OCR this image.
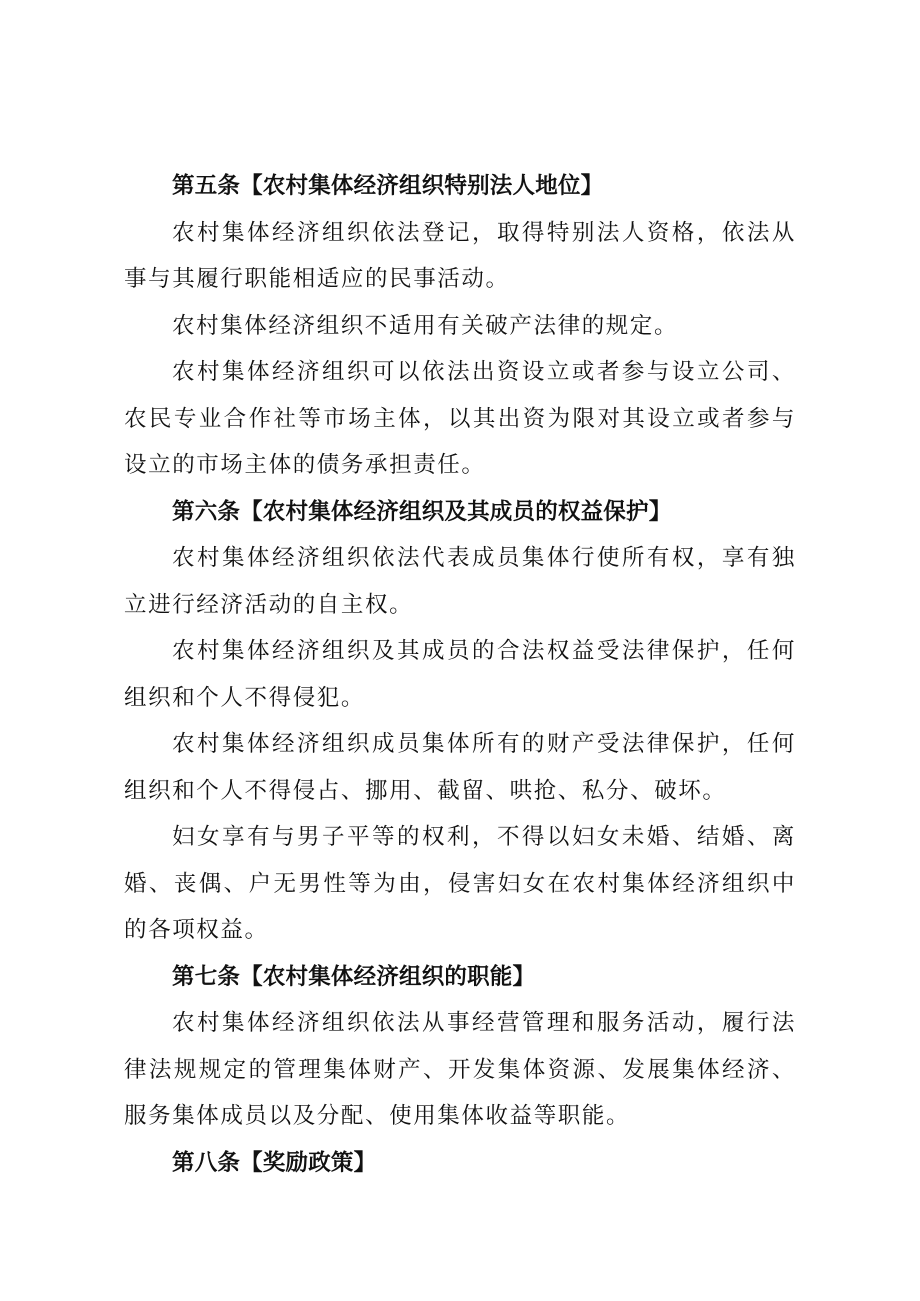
第五条【农村集体经济组织特别法人地位】

农村集体经济组织依法登记，取得特别法人资格，依法从事与其履行职能相适应的民事活动。

农村集体经济组织不适用有关破产法律的规定。

农村集体经济组织可以依法出资设立或者参与设立公司、农民专业合作社等市场主体，以其出资为限对其设立或者参与设立的市场主体的债务承担责任。

第六条【农村集体经济组织及其成员的权益保护】

农村集体经济组织依法代表成员集体行使所有权，享有独立进行经济活动的自主权。

农村集体经济组织及其成员的合法权益受法律保护，任何组织和个人不得侵犯。

农村集体经济组织成员集体所有的财产受法律保护，任何组织和个人不得侵占、挪用、截留、哄抢、私分、破坏。

妇女享有与男子平等的权利，不得以妇女未婚、结婚、离婚、丧偶、户无男性等为由，侵害妇女在农村集体经济组织中的各项权益。

第七条【农村集体经济组织的职能】

农村集体经济组织依法从事经营管理和服务活动，履行法律法规规定的管理集体财产、开发集体资源、发展集体经济、服务集体成员以及分配、使用集体收益等职能。

第八条【奖励政策】
